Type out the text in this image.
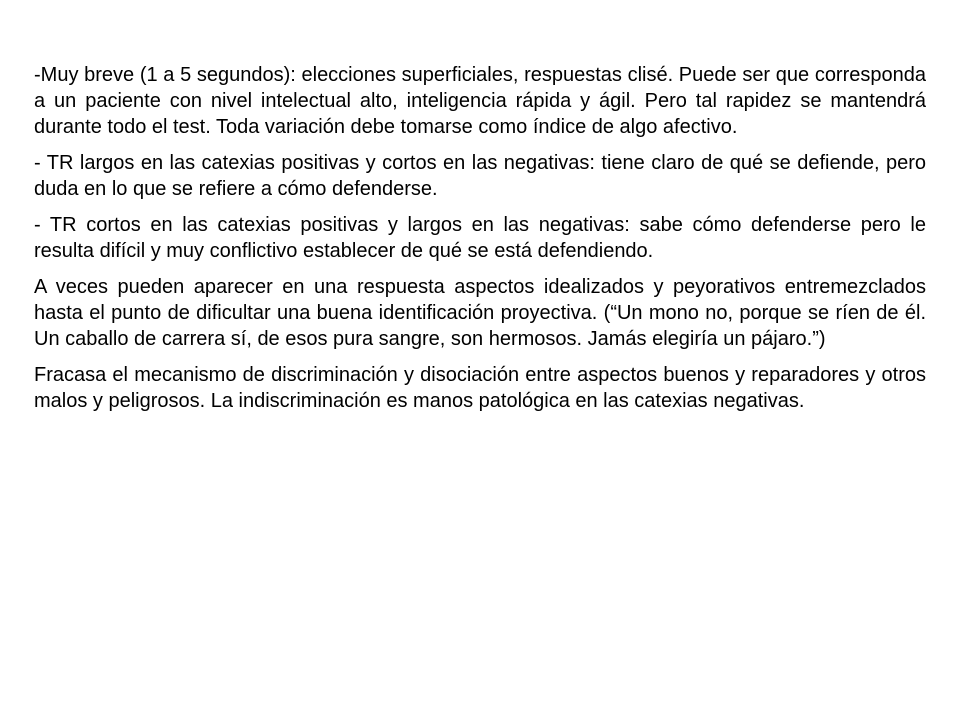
-Muy breve (1 a 5 segundos): elecciones superficiales, respuestas clisé. Puede ser que corresponda a un paciente con nivel intelectual alto, inteligencia rápida y ágil. Pero tal rapidez se mantendrá durante todo el test. Toda variación debe tomarse como índice de algo afectivo.

- TR largos en las catexias positivas y cortos en las negativas: tiene claro de qué se defiende, pero duda en lo que se refiere a cómo defenderse.

- TR cortos en las catexias positivas y largos en las negativas: sabe cómo defenderse pero le resulta difícil y muy conflictivo establecer de qué se está defendiendo.

A veces pueden aparecer en una respuesta aspectos idealizados y peyorativos entremezclados hasta el punto de dificultar una buena identificación proyectiva. (“Un mono no, porque se ríen de él. Un caballo de carrera sí, de esos pura sangre, son hermosos. Jamás elegiría un pájaro.”)

Fracasa el mecanismo de discriminación y disociación entre aspectos buenos y reparadores y otros malos y peligrosos. La indiscriminación es manos patológica en las catexias negativas.
